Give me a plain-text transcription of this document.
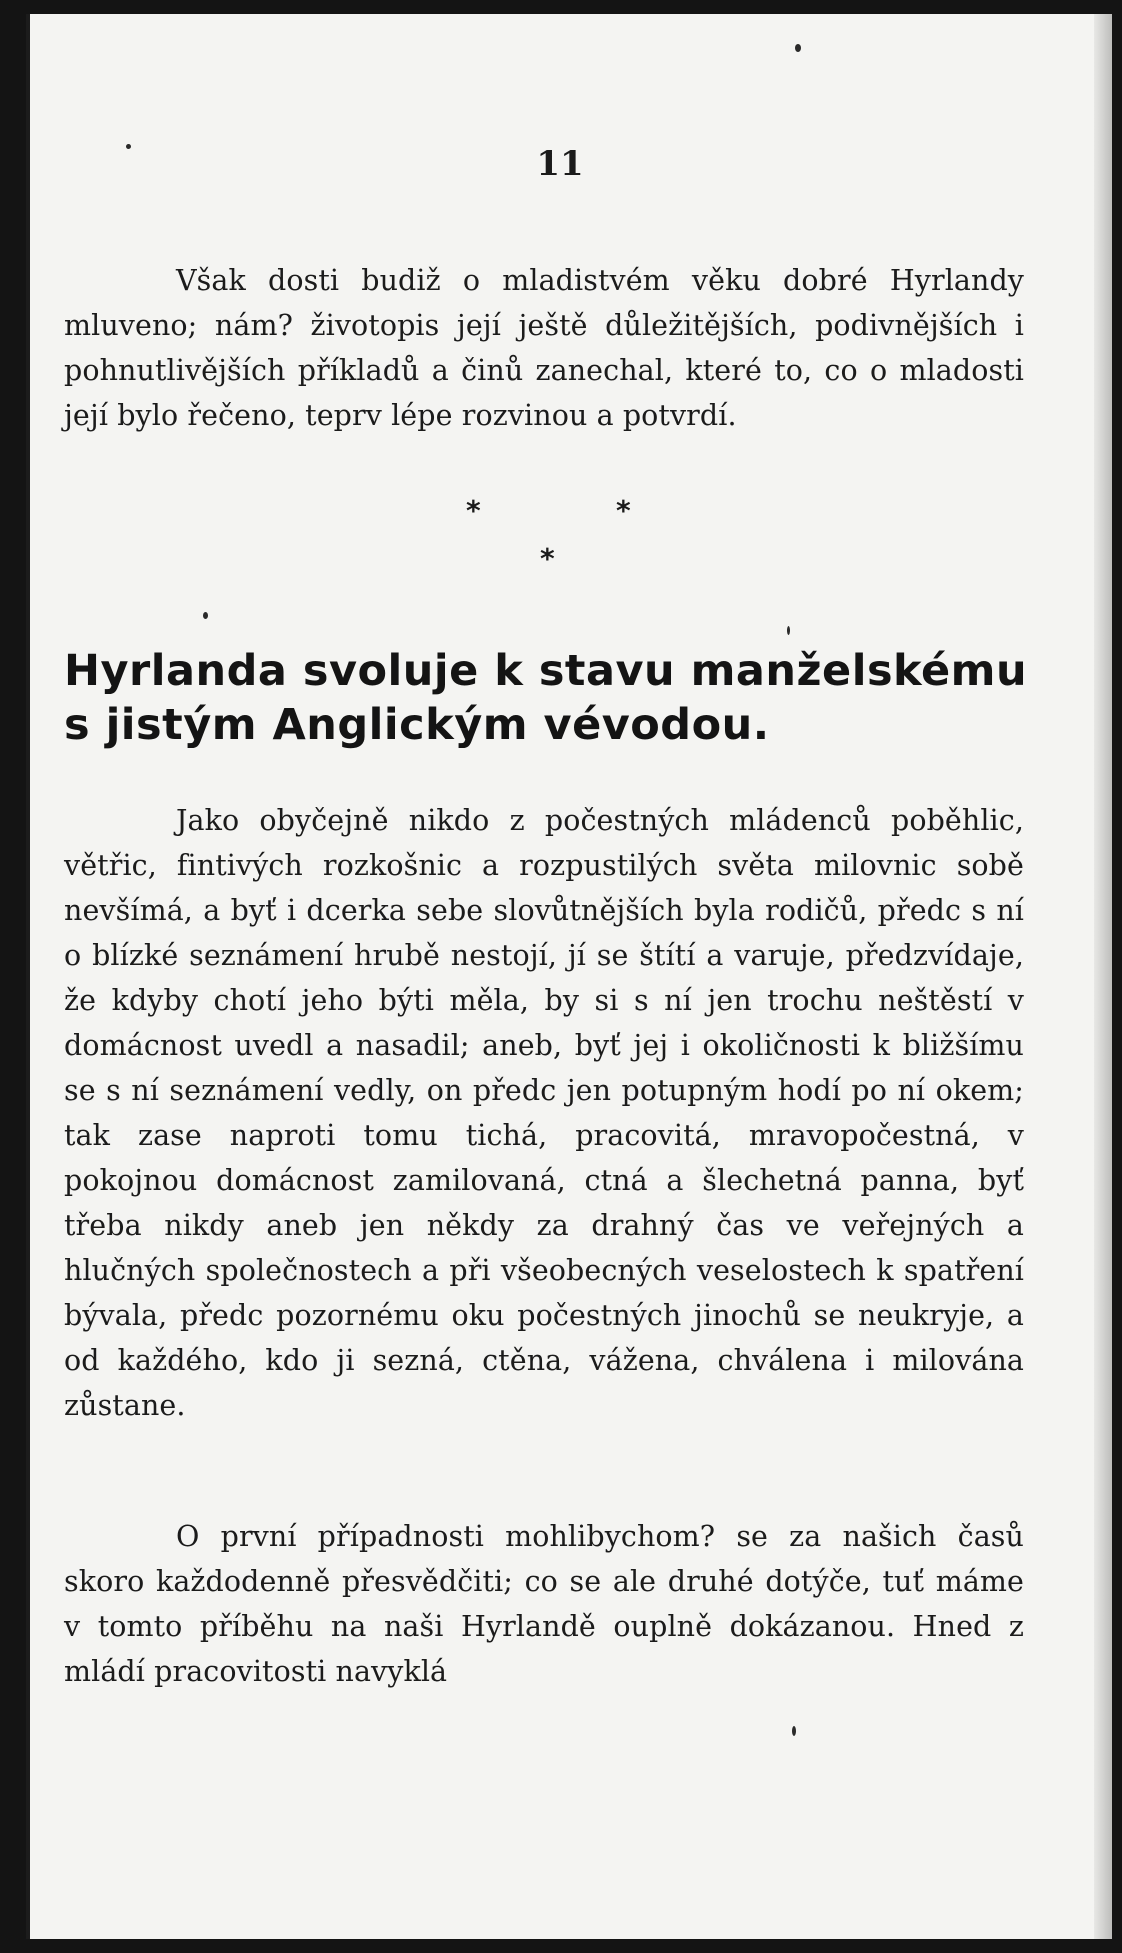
11

Však dosti budiž o mladistvém věku dobré Hyrlandy mluveno; nám? životopis její ještě důležitějších, podivnějších i pohnutlivějších příkladů a činů zanechal, které to, co o mladosti její bylo řečeno, teprv lépe rozvinou a potvrdí.

*	*
*
Hyrlanda svoluje k stavu manželskému s jistým Anglickým vévodou.

Jako obyčejně nikdo z počestných mládenců poběhlic, větřic, fintivých rozkošnic a rozpustilých světa milovnic sobě nevšímá, a byť i dcerka sebe slovůtnějších byla rodičů, předc s ní o blízké seznámení hrubě nestojí, jí se štítí a varuje, předzvídaje, že kdyby chotí jeho býti měla, by si s ní jen trochu neštěstí v domácnost uvedl a nasadil; aneb, byť jej i okoličnosti k bližšímu se s ní seznámení vedly, on předc jen potupným hodí po ní okem; tak zase naproti tomu tichá, pracovitá, mravopočestná, v pokojnou domácnost zamilovaná, ctná a šlechetná panna, byť třeba nikdy aneb jen někdy za drahný čas ve veřejných a hlučných společnostech a při všeobecných veselostech k spatření bývala, předc pozornému oku počestných jinochů se neukryje, a od každého, kdo ji sezná, ctěna, vážena, chválena i milována zůstane.

O první případnosti mohlibychom? se za našich časů skoro každodenně přesvědčiti; co se ale druhé dotýče, tuť máme v tomto příběhu na naši Hyrlandě ouplně dokázanou. Hned z mládí pracovitosti navyklá
